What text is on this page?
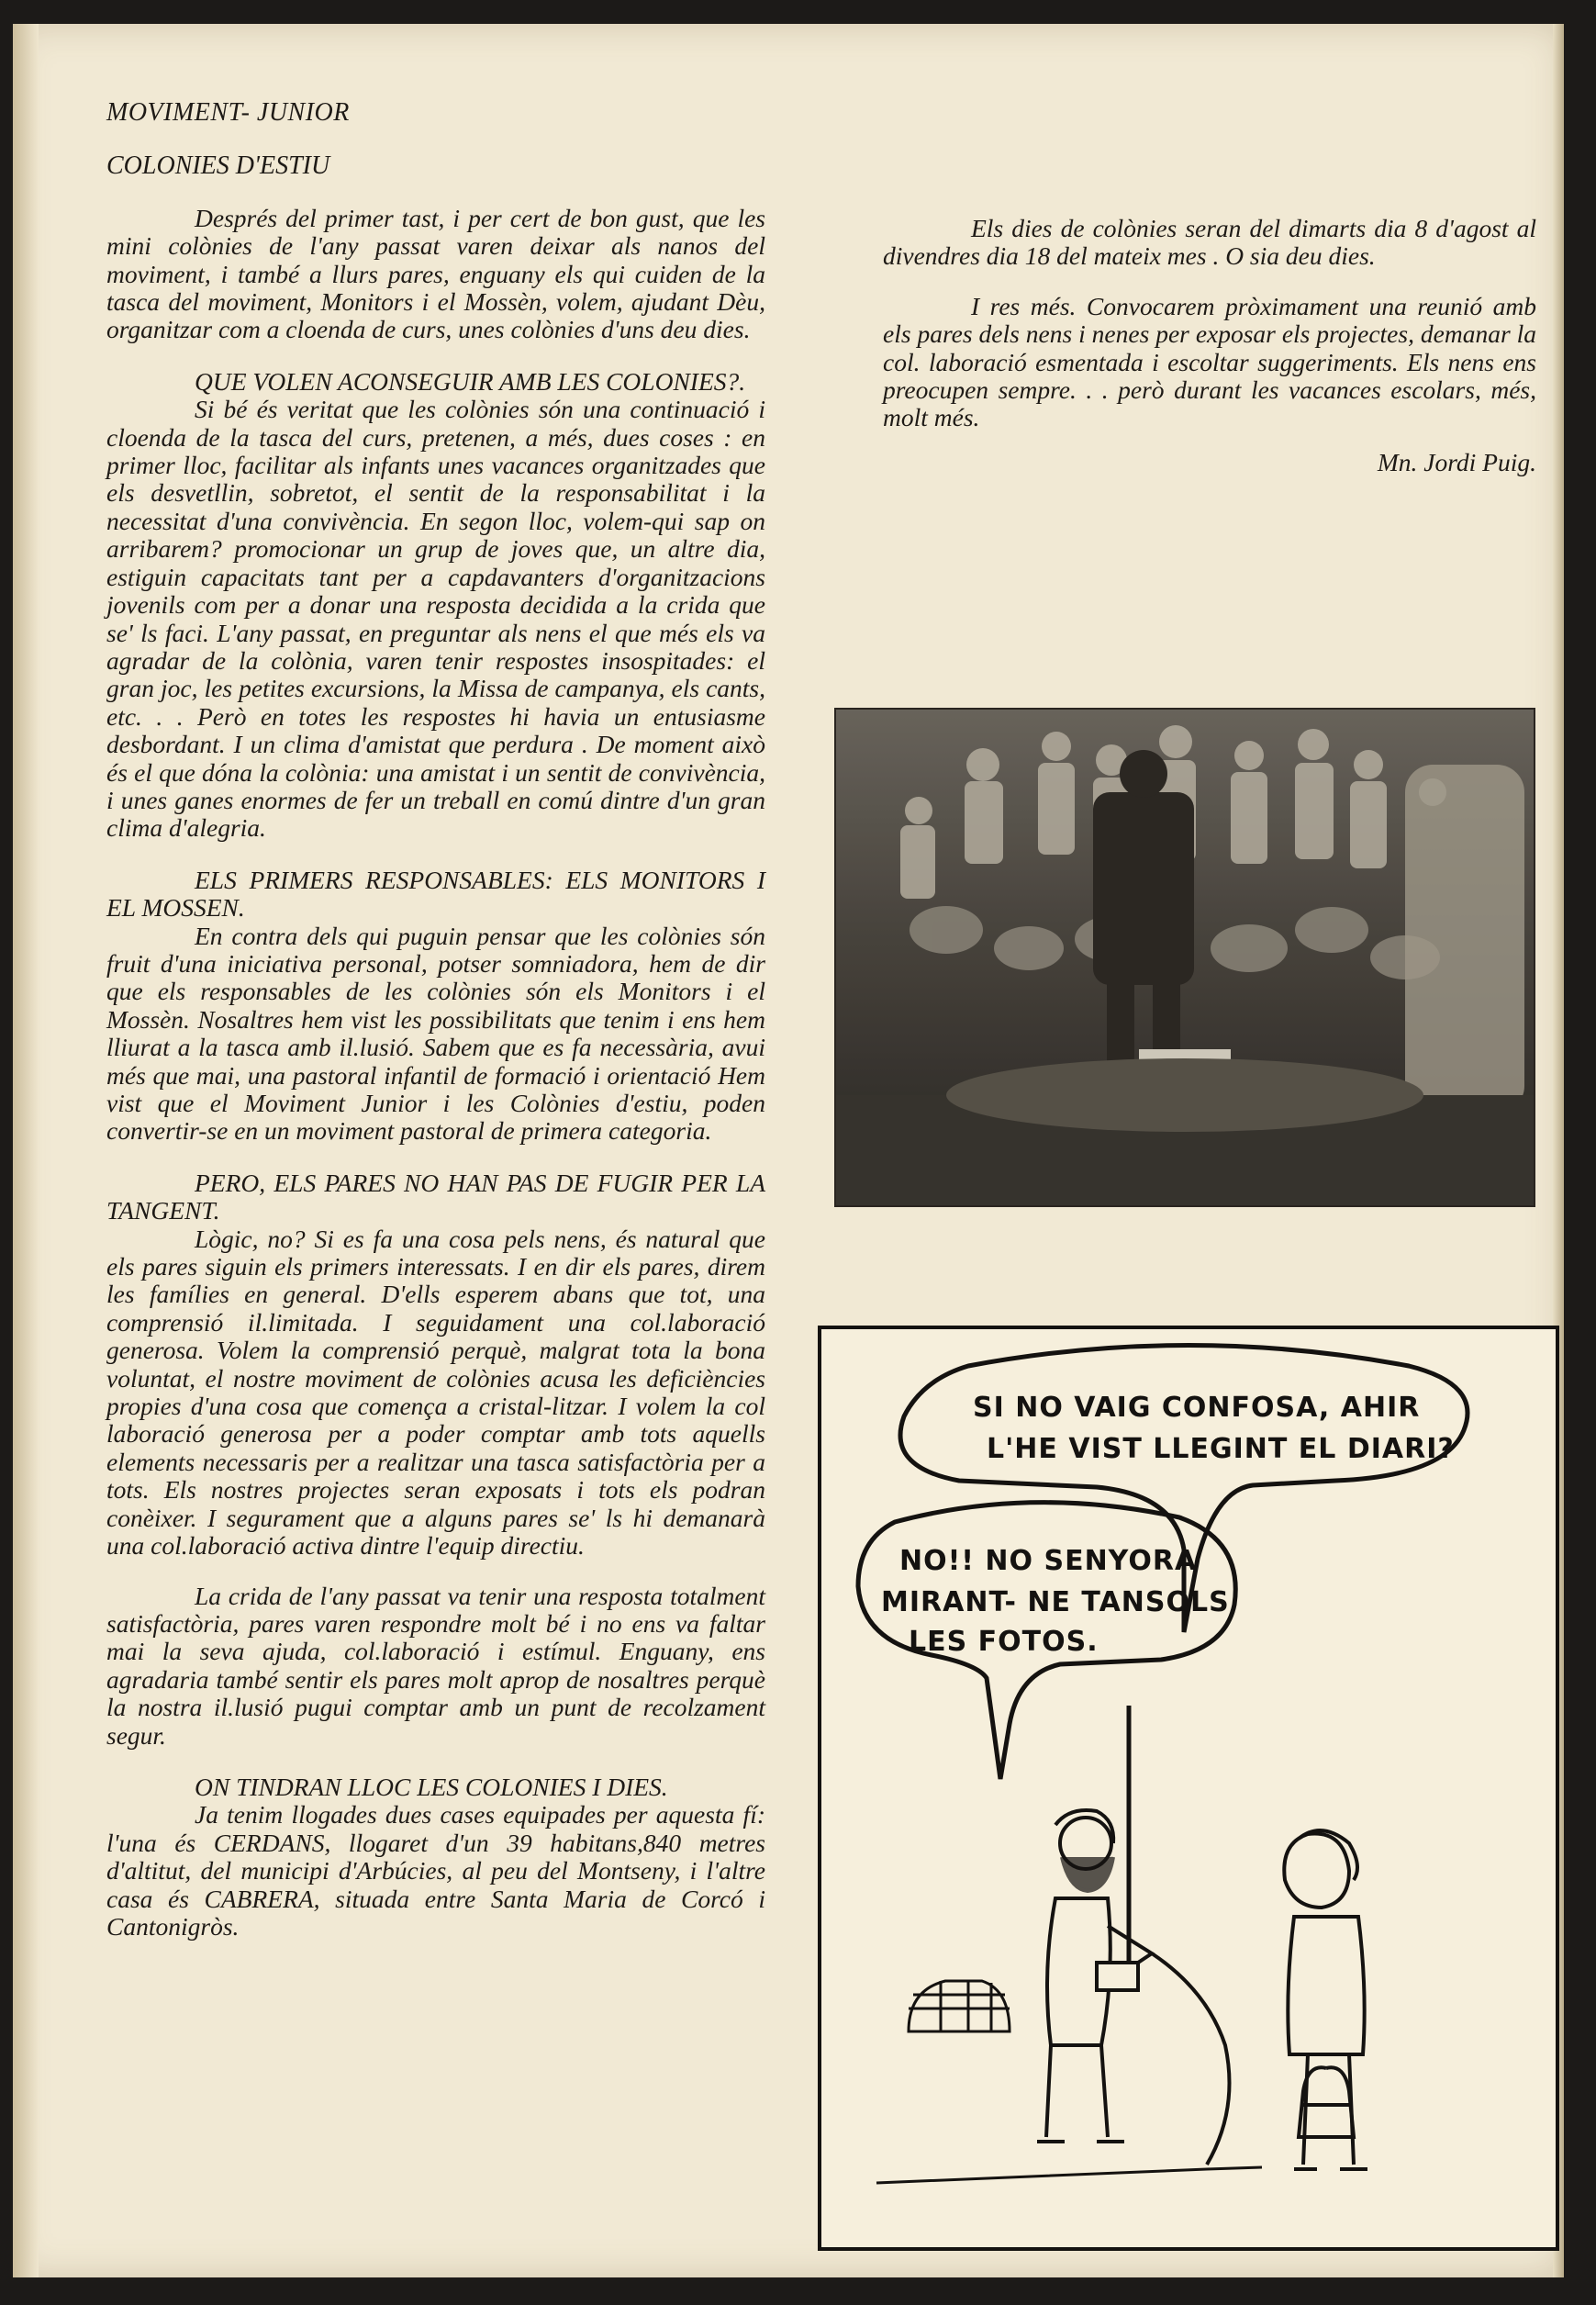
MOVIMENT- JUNIOR
COLONIES D'ESTIU

Després del primer tast, i per cert de bon gust, que les mini colònies de l'any passat varen deixar als nanos del moviment, i també a llurs pares, enguany els qui cuiden de la tasca del moviment, Monitors i el Mossèn, volem, ajudant Dèu, organitzar com a cloenda de curs, unes colònies d'uns deu dies.

QUE VOLEN ACONSEGUIR AMB LES COLONIES?.

Si bé és veritat que les colònies són una continuació i cloenda de la tasca del curs, pretenen, a més, dues coses : en primer lloc, facilitar als infants unes vacances organitzades que els desvetllin, sobretot, el sentit de la responsabilitat i la necessitat d'una convivència. En segon lloc, volem-qui sap on arribarem? promocionar un grup de joves que, un altre dia, estiguin capacitats tant per a capdavanters d'organitzacions jovenils com per a donar una resposta decidida a la crida que se' ls faci. L'any passat, en preguntar als nens el que més els va agradar de la colònia, varen tenir respostes insospitades: el gran joc, les petites excursions, la Missa de campanya, els cants, etc. . . Però en totes les respostes hi havia un entusiasme desbordant. I un clima d'amistat que perdura . De moment això és el que dóna la colònia: una amistat i un sentit de convivència, i unes ganes enormes de fer un treball en comú dintre d'un gran clima d'alegria.

ELS PRIMERS RESPONSABLES: ELS MONITORS I EL MOSSEN.

En contra dels qui puguin pensar que les colònies són fruit d'una iniciativa personal, potser somniadora, hem de dir que els responsables de les colònies són els Monitors i el Mossèn. Nosaltres hem vist les possibilitats que tenim i ens hem lliurat a la tasca amb il.lusió. Sabem que es fa necessària, avui més que mai, una pastoral infantil de formació i orientació Hem vist que el Moviment Junior i les Colònies d'estiu, poden convertir-se en un moviment pastoral de primera categoria.

PERO, ELS PARES NO HAN PAS DE FUGIR PER LA TANGENT.

Lògic, no? Si es fa una cosa pels nens, és natural que els pares siguin els primers interessats. I en dir els pares, direm les famílies en general. D'ells esperem abans que tot, una comprensió il.limitada. I seguidament una col.laboració generosa. Volem la comprensió perquè, malgrat tota la bona voluntat, el nostre moviment de colònies acusa les deficiències propies d'una cosa que comença a cristal-litzar. I volem la col laboració generosa per a poder comptar amb tots aquells elements necessaris per a realitzar una tasca satisfactòria per a tots. Els nostres projectes seran exposats i tots els podran conèixer. I segurament que a alguns pares se' ls hi demanarà una col.laboració activa dintre l'equip directiu.

La crida de l'any passat va tenir una resposta totalment satisfactòria, pares varen respondre molt bé i no ens va faltar mai la seva ajuda, col.laboració i estímul. Enguany, ens agradaria també sentir els pares molt aprop de nosaltres perquè la nostra il.lusió pugui comptar amb un punt de recolzament segur.

ON TINDRAN LLOC LES COLONIES I DIES.

Ja tenim llogades dues cases equipades per aquesta fí: l'una és CERDANS, llogaret d'un 39 habitans,840 metres d'altitut, del municipi d'Arbúcies, al peu del Montseny, i l'altre casa és CABRERA, situada entre Santa Maria de Corcó i Cantonigròs.

Els dies de colònies seran del dimarts dia 8 d'agost al divendres dia 18 del mateix mes . O sia deu dies.

I res més. Convocarem pròximament una reunió amb els pares dels nens i nenes per exposar els projectes, demanar la col. laboració esmentada i escoltar suggeriments. Els nens ens preocupen sempre. . . però durant les vacances escolars, més, molt més.

Mn. Jordi Puig.

SI NO VAIG CONFOSA, AHIR
L'HE VIST LLEGINT EL DIARI?
NO!! NO SENYORA
MIRANT- NE TANSOLS
LES FOTOS.
